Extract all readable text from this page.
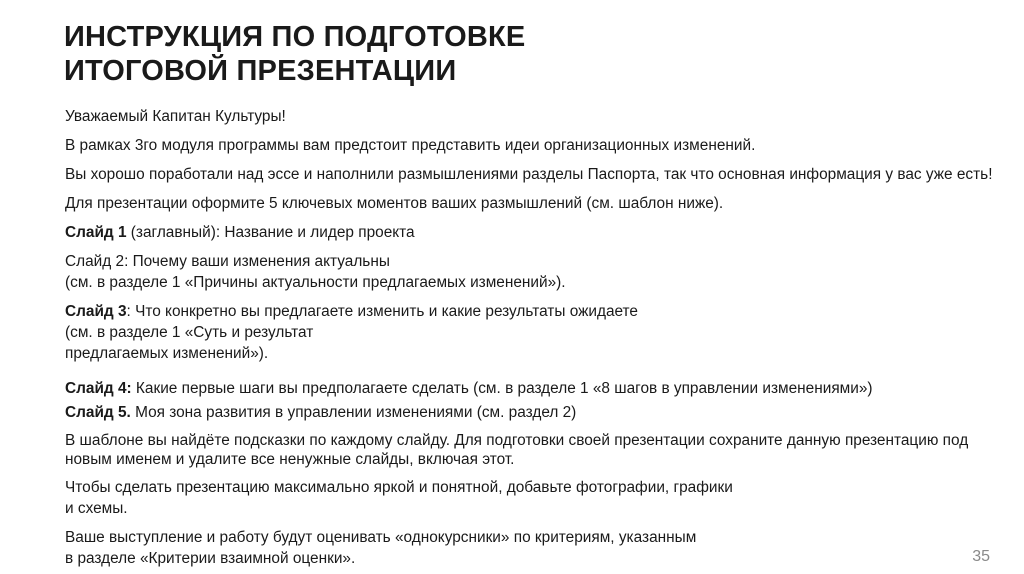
ИНСТРУКЦИЯ ПО ПОДГОТОВКЕ
ИТОГОВОЙ ПРЕЗЕНТАЦИИ

Уважаемый Капитан Культуры!

В рамках 3го модуля программы вам предстоит представить идеи организационных изменений.

Вы хорошо поработали над эссе и наполнили размышлениями разделы Паспорта, так что основная информация у вас уже есть!

Для презентации оформите 5 ключевых моментов ваших размышлений (см. шаблон ниже).

Слайд 1 (заглавный): Название и лидер проекта

Слайд 2: Почему ваши изменения актуальны
(см. в разделе 1 «Причины актуальности предлагаемых изменений»).

Слайд 3: Что конкретно вы предлагаете изменить и какие результаты ожидаете
(см. в разделе 1 «Суть и результат
предлагаемых изменений»).

Слайд 4: Какие первые шаги вы предполагаете сделать (см. в разделе 1 «8 шагов в управлении изменениями»)

Слайд 5. Моя зона развития в управлении изменениями (см. раздел 2)

В шаблоне вы найдёте подсказки по каждому слайду. Для подготовки своей презентации сохраните данную презентацию под новым именем и удалите все ненужные слайды, включая этот.

Чтобы сделать презентацию максимально яркой и понятной, добавьте фотографии, графики
и схемы.

Ваше выступление и работу будут оценивать «однокурсники» по критериям, указанным
в разделе «Критерии взаимной оценки».	35
